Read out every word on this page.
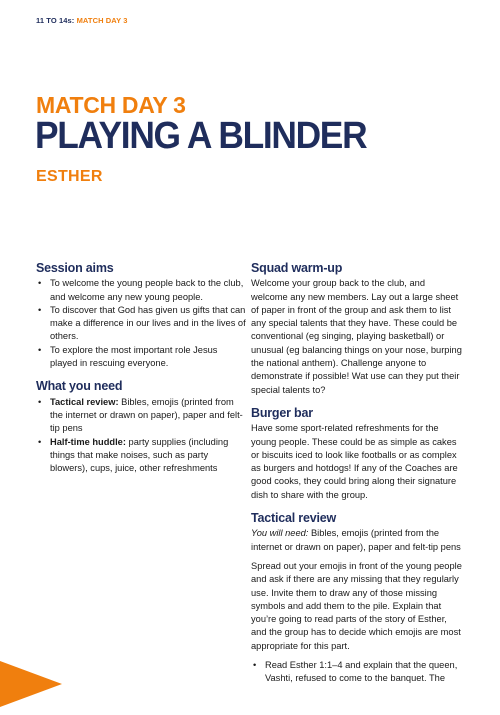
11 TO 14s: MATCH DAY 3
MATCH DAY 3
PLAYING A BLINDER
ESTHER
Session aims
• To welcome the young people back to the club, and welcome any new young people.
• To discover that God has given us gifts that can make a difference in our lives and in the lives of others.
• To explore the most important role Jesus played in rescuing everyone.
What you need
• Tactical review: Bibles, emojis (printed from the internet or drawn on paper), paper and felt-tip pens
• Half-time huddle: party supplies (including things that make noises, such as party blowers), cups, juice, other refreshments
Squad warm-up

Welcome your group back to the club, and welcome any new members. Lay out a large sheet of paper in front of the group and ask them to list any special talents that they have. These could be conventional (eg singing, playing basketball) or unusual (eg balancing things on your nose, burping the national anthem). Challenge anyone to demonstrate if possible! Wat use can they put their special talents to?

Burger bar

Have some sport-related refreshments for the young people. These could be as simple as cakes or biscuits iced to look like footballs or as complex as burgers and hotdogs! If any of the Coaches are good cooks, they could bring along their signature dish to share with the group.

Tactical review

You will need: Bibles, emojis (printed from the internet or drawn on paper), paper and felt-tip pens

Spread out your emojis in front of the young people and ask if there are any missing that they regularly use. Invite them to draw any of those missing symbols and add them to the pile. Explain that you’re going to read parts of the story of Esther, and the group has to decide which emojis are most appropriate for this part.

• Read Esther 1:1–4 and explain that the queen, Vashti, refused to come to the banquet. The
